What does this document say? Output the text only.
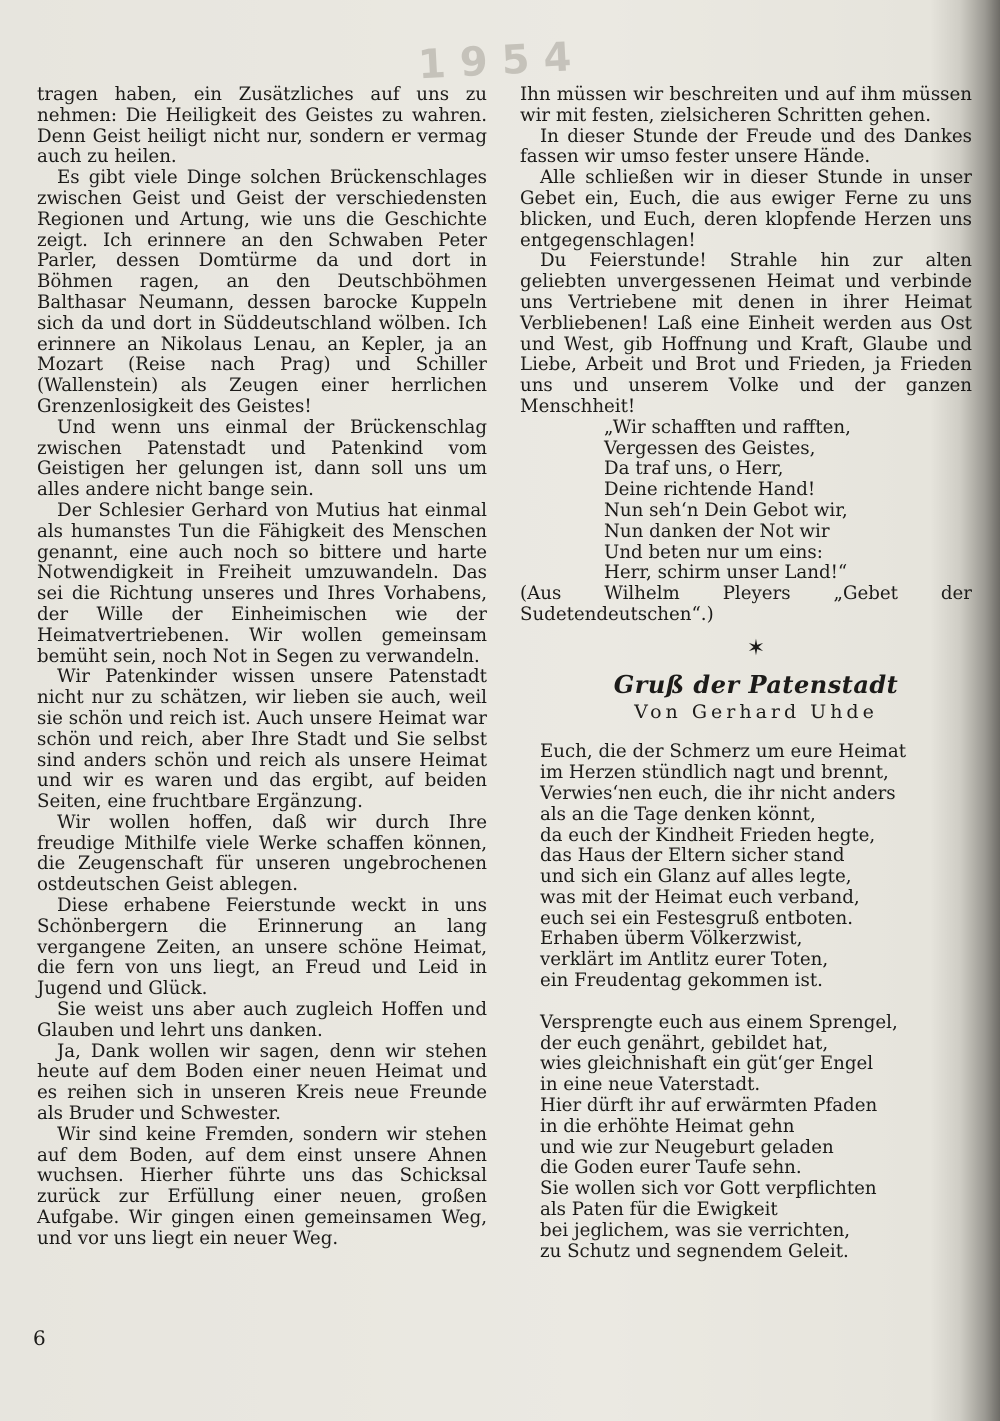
1954

tragen haben, ein Zusätzliches auf uns zu nehmen: Die Heiligkeit des Geistes zu wahren. Denn Geist heiligt nicht nur, sondern er vermag auch zu heilen.

Es gibt viele Dinge solchen Brückenschlages zwischen Geist und Geist der verschiedensten Regionen und Artung, wie uns die Geschichte zeigt. Ich erinnere an den Schwaben Peter Parler, dessen Domtürme da und dort in Böhmen ragen, an den Deutschböhmen Balthasar Neumann, dessen barocke Kuppeln sich da und dort in Süddeutschland wölben. Ich erinnere an Nikolaus Lenau, an Kepler, ja an Mozart (Reise nach Prag) und Schiller (Wallenstein) als Zeugen einer herrlichen Grenzenlosigkeit des Geistes!

Und wenn uns einmal der Brückenschlag zwischen Patenstadt und Patenkind vom Geistigen her gelungen ist, dann soll uns um alles andere nicht bange sein.

Der Schlesier Gerhard von Mutius hat einmal als humanstes Tun die Fähigkeit des Menschen genannt, eine auch noch so bittere und harte Notwendigkeit in Freiheit umzuwandeln. Das sei die Richtung unseres und Ihres Vorhabens, der Wille der Einheimischen wie der Heimatvertriebenen. Wir wollen gemeinsam bemüht sein, noch Not in Segen zu verwandeln.

Wir Patenkinder wissen unsere Patenstadt nicht nur zu schätzen, wir lieben sie auch, weil sie schön und reich ist. Auch unsere Heimat war schön und reich, aber Ihre Stadt und Sie selbst sind anders schön und reich als unsere Heimat und wir es waren und das ergibt, auf beiden Seiten, eine fruchtbare Ergänzung.

Wir wollen hoffen, daß wir durch Ihre freudige Mithilfe viele Werke schaffen können, die Zeugenschaft für unseren ungebrochenen ostdeutschen Geist ablegen.

Diese erhabene Feierstunde weckt in uns Schönbergern die Erinnerung an lang vergangene Zeiten, an unsere schöne Heimat, die fern von uns liegt, an Freud und Leid in Jugend und Glück.

Sie weist uns aber auch zugleich Hoffen und Glauben und lehrt uns danken.

Ja, Dank wollen wir sagen, denn wir stehen heute auf dem Boden einer neuen Heimat und es reihen sich in unseren Kreis neue Freunde als Bruder und Schwester.

Wir sind keine Fremden, sondern wir stehen auf dem Boden, auf dem einst unsere Ahnen wuchsen. Hierher führte uns das Schicksal zurück zur Erfüllung einer neuen, großen Aufgabe. Wir gingen einen gemeinsamen Weg, und vor uns liegt ein neuer Weg.

Ihn müssen wir beschreiten und auf ihm müssen wir mit festen, zielsicheren Schritten gehen.

In dieser Stunde der Freude und des Dankes fassen wir umso fester unsere Hände.

Alle schließen wir in dieser Stunde in unser Gebet ein, Euch, die aus ewiger Ferne zu uns blicken, und Euch, deren klopfende Herzen uns entgegenschlagen!

Du Feierstunde! Strahle hin zur alten geliebten unvergessenen Heimat und verbinde uns Vertriebene mit denen in ihrer Heimat Verbliebenen! Laß eine Einheit werden aus Ost und West, gib Hoffnung und Kraft, Glaube und Liebe, Arbeit und Brot und Frieden, ja Frieden uns und unserem Volke und der ganzen Menschheit!

„Wir schafften und rafften,
Vergessen des Geistes,
Da traf uns, o Herr,
Deine richtende Hand!
Nun seh‘n Dein Gebot wir,
Nun danken der Not wir
Und beten nur um eins:
Herr, schirm unser Land!“

(Aus Wilhelm Pleyers „Gebet der Sudetendeutschen“.)

✶
Gruß der Patenstadt
Von Gerhard Uhde
Euch, die der Schmerz um eure Heimat
im Herzen stündlich nagt und brennt,
Verwies‘nen euch, die ihr nicht anders
als an die Tage denken könnt,
da euch der Kindheit Frieden hegte,
das Haus der Eltern sicher stand
und sich ein Glanz auf alles legte,
was mit der Heimat euch verband,
euch sei ein Festesgruß entboten.
Erhaben überm Völkerzwist,
verklärt im Antlitz eurer Toten,
ein Freudentag gekommen ist.
Versprengte euch aus einem Sprengel,
der euch genährt, gebildet hat,
wies gleichnishaft ein güt‘ger Engel
in eine neue Vaterstadt.
Hier dürft ihr auf erwärmten Pfaden
in die erhöhte Heimat gehn
und wie zur Neugeburt geladen
die Goden eurer Taufe sehn.
Sie wollen sich vor Gott verpflichten
als Paten für die Ewigkeit
bei jeglichem, was sie verrichten,
zu Schutz und segnendem Geleit.
6
